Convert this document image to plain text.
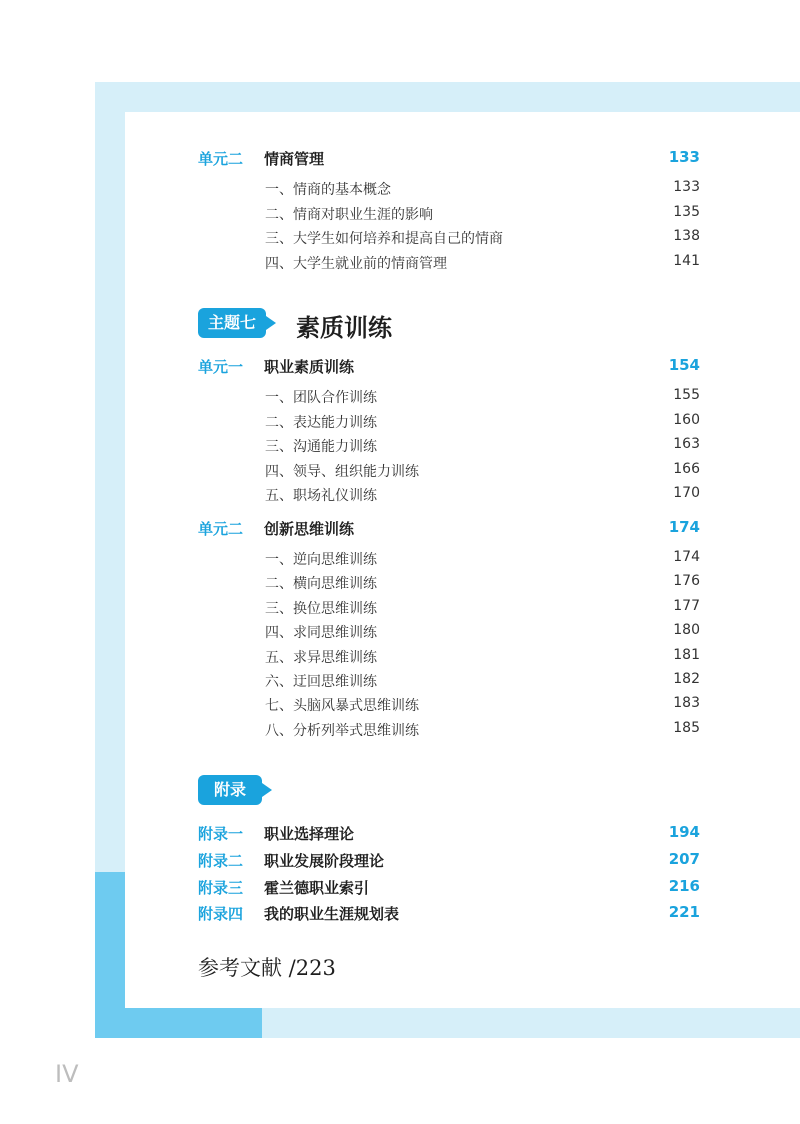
单元二 情商管理	133
一、情商的基本概念	133
二、情商对职业生涯的影响	135
三、大学生如何培养和提高自己的情商	138
四、大学生就业前的情商管理	141
主题七	素质训练
单元一 职业素质训练	154
一、团队合作训练	155
二、表达能力训练	160
三、沟通能力训练	163
四、领导、组织能力训练	166
五、职场礼仪训练	170
单元二 创新思维训练	174
一、逆向思维训练	174
二、横向思维训练	176
三、换位思维训练	177
四、求同思维训练	180
五、求异思维训练	181
六、迂回思维训练	182
七、头脑风暴式思维训练	183
八、分析列举式思维训练	185
附录
附录一 职业选择理论	194
附录二 职业发展阶段理论	207
附录三 霍兰德职业索引	216
附录四 我的职业生涯规划表	221
参考文献 /223
IV
